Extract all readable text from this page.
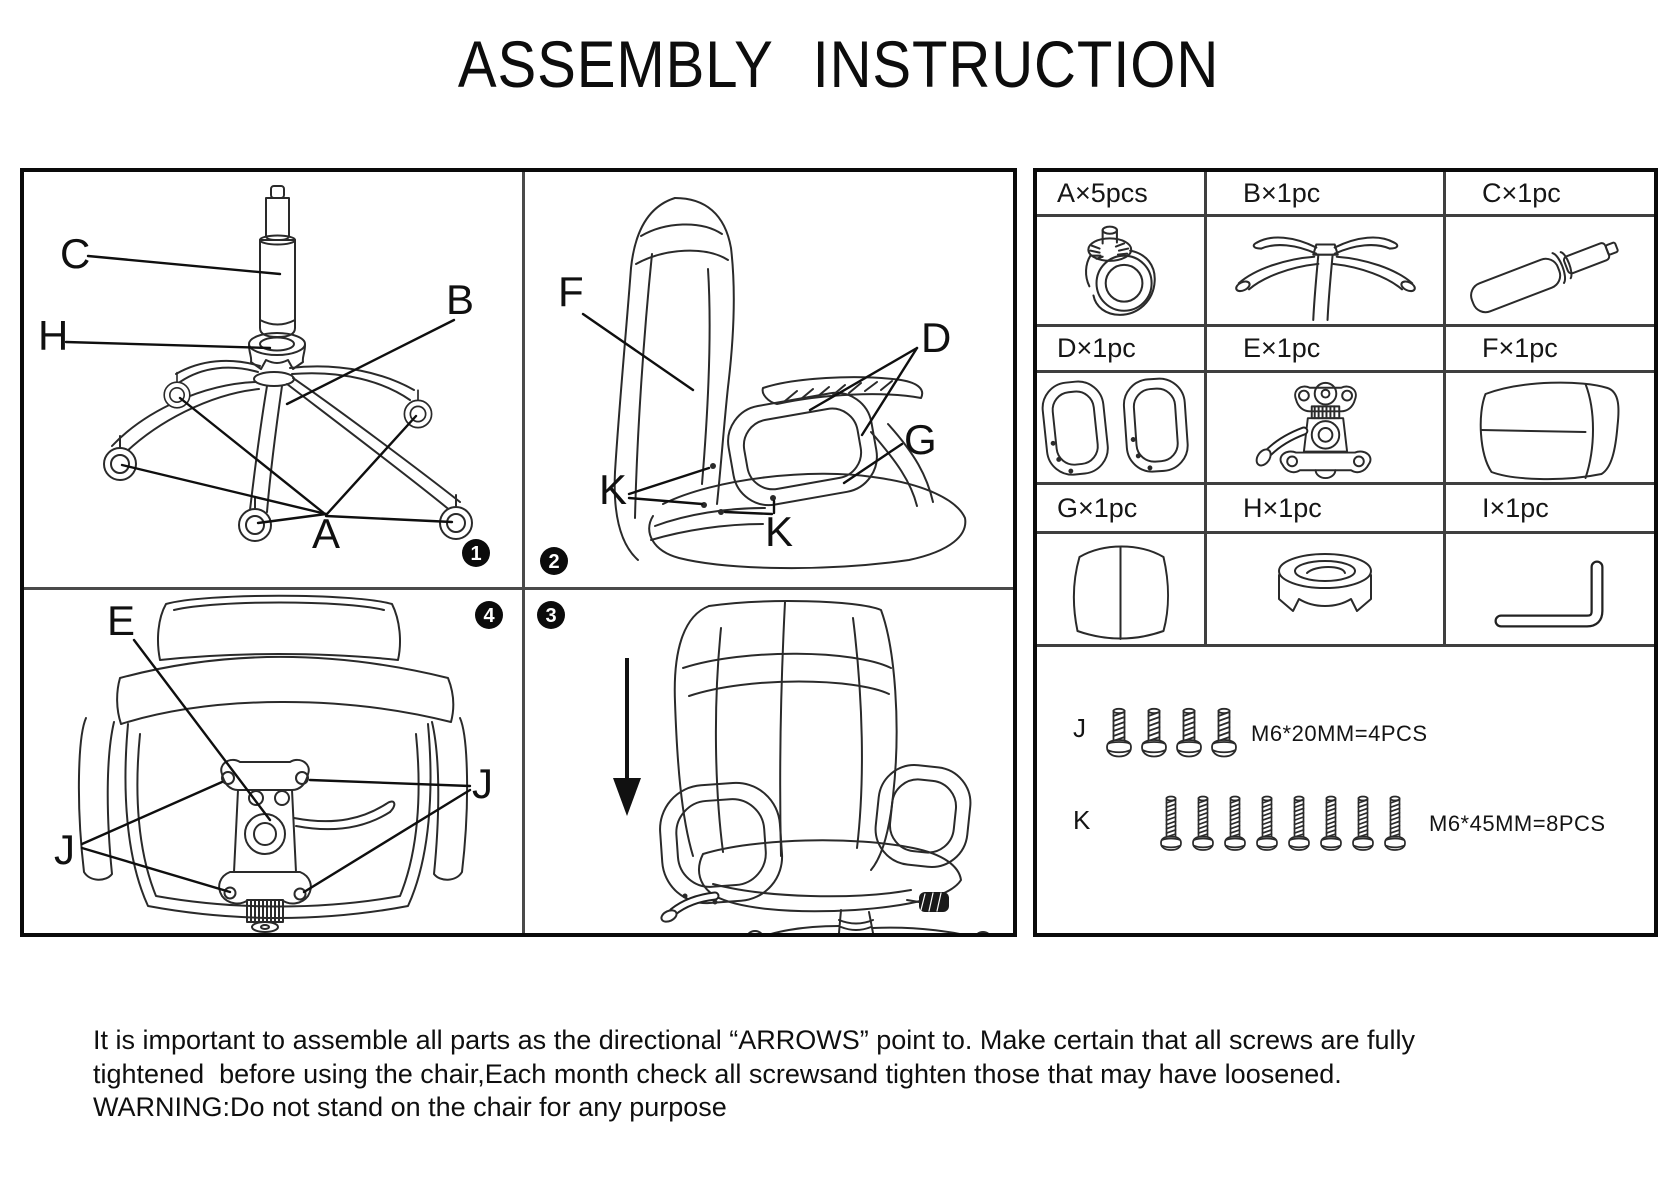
ASSEMBLY INSTRUCTION
C
H
B
A	1
F
D
K
G
K
2
E
J
J
4	3
A×5pcs	B×1pc	C×1pc
D×1pc	E×1pc	F×1pc
G×1pc	H×1pc	I×1pc
J	M6*20MM=4PCS
K	M6*45MM=8PCS
It is important to assemble all parts as the directional “ARROWS” point to. Make certain that all screws are fully
tightened  before using the chair,Each month check all screwsand tighten those that may have loosened.
WARNING:Do not stand on the chair for any purpose
